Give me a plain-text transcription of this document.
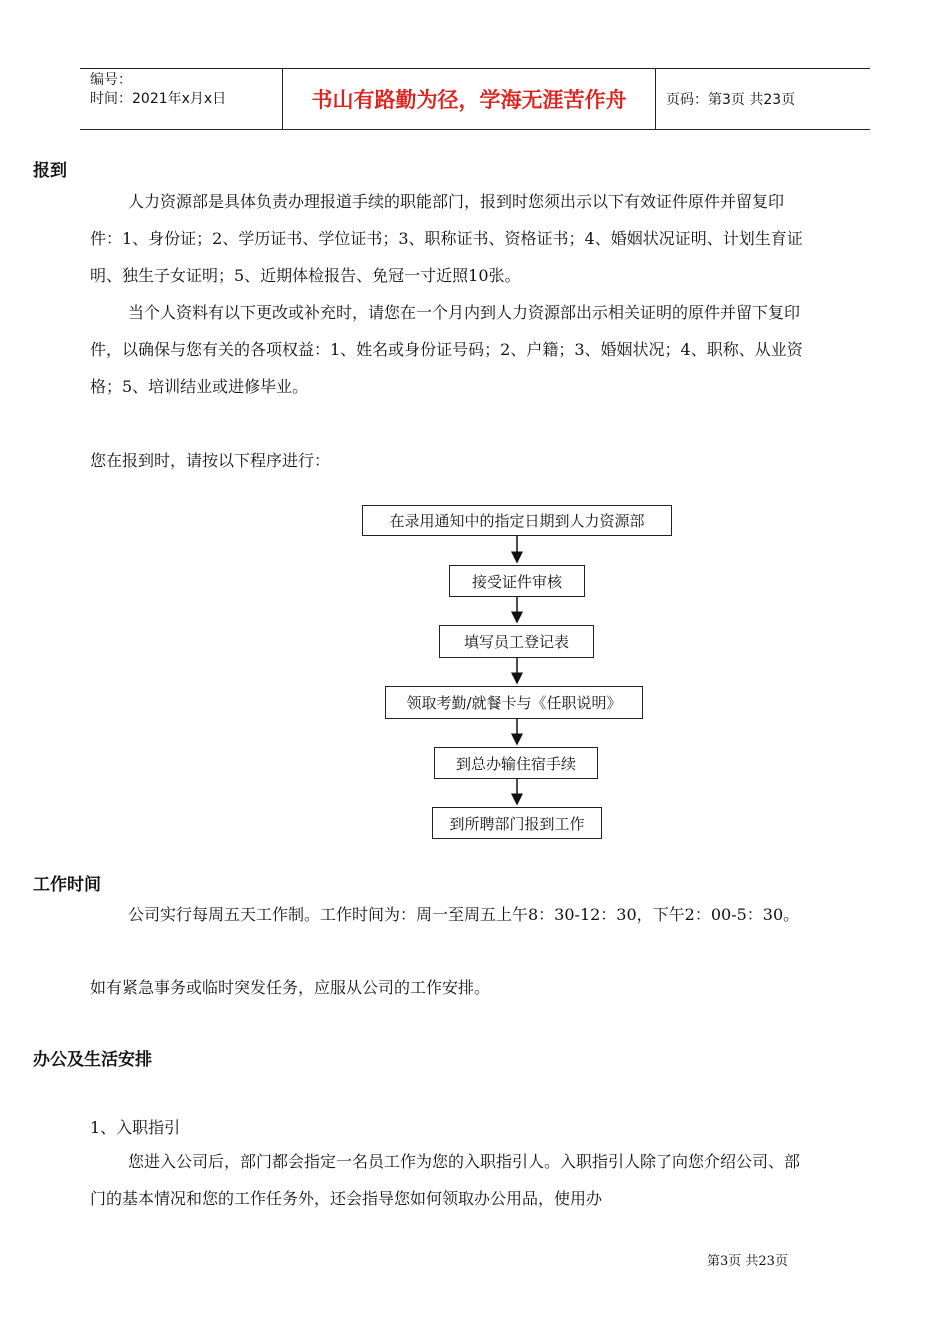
编号：
时间：2021年x月x日	书山有路勤为径，学海无涯苦作舟	页码：第3页 共23页
报到

人力资源部是具体负责办理报道手续的职能部门，报到时您须出示以下有效证件原件并留复印件：1、身份证；2、学历证书、学位证书；3、职称证书、资格证书；4、婚姻状况证明、计划生育证明、独生子女证明；5、近期体检报告、免冠一寸近照10张。

当个人资料有以下更改或补充时，请您在一个月内到人力资源部出示相关证明的原件并留下复印件，以确保与您有关的各项权益：1、姓名或身份证号码；2、户籍；3、婚姻状况；4、职称、从业资格；5、培训结业或进修毕业。

您在报到时，请按以下程序进行：
在录用通知中的指定日期到人力资源部
接受证件审核
填写员工登记表
领取考勤/就餐卡与《任职说明》
到总办输住宿手续
到所聘部门报到工作
工作时间

公司实行每周五天工作制。工作时间为：周一至周五上午8：30-12：30，下午2：00-5：30。

如有紧急事务或临时突发任务，应服从公司的工作安排。
办公及生活安排
1、入职指引

您进入公司后，部门都会指定一名员工作为您的入职指引人。入职指引人除了向您介绍公司、部门的基本情况和您的工作任务外，还会指导您如何领取办公用品，使用办

第3页 共23页
